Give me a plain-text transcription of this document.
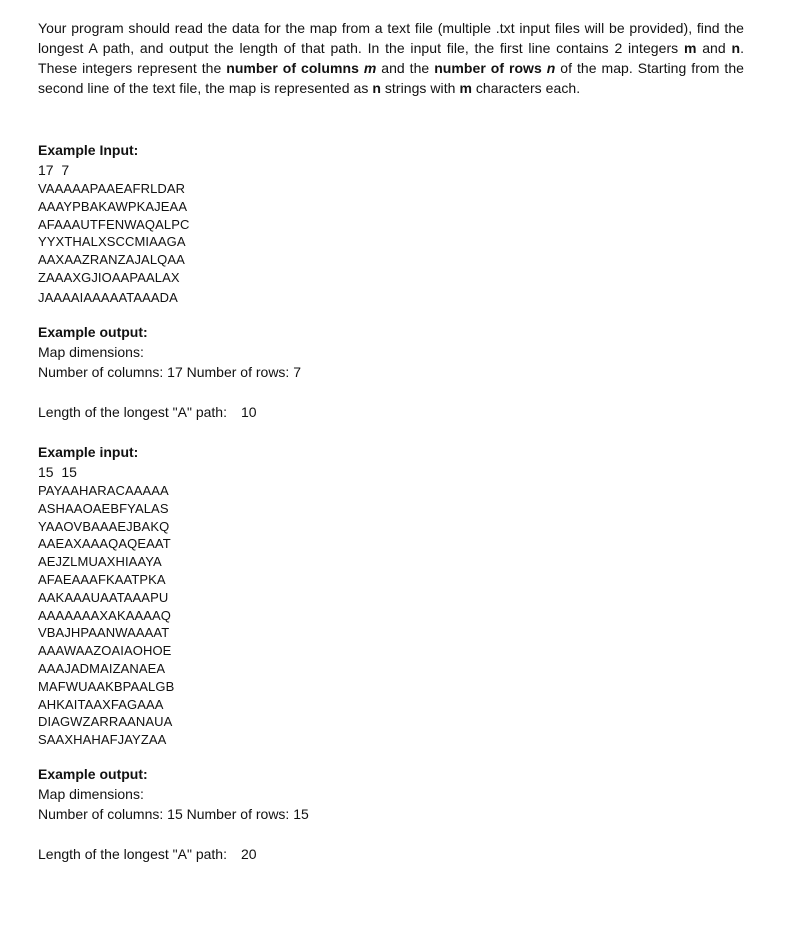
Your program should read the data for the map from a text file (multiple .txt input files will be provided), find the longest A path, and output the length of that path. In the input file, the first line contains 2 integers m and n. These integers represent the number of columns m and the number of rows n of the map. Starting from the second line of the text file, the map is represented as n strings with m characters each.

Example Input:
17  7
VAAAAAPAAEAFRLDAR
AAAYPBAKAWPKAJEAA
AFAAAUTFENWAQALPC
YYXTHALXSCCMIAAGA
AAXAAZRANZAJALQAA
ZAAAXGJIOAAPAALAX
JAAAAIAAAAATAAADA
Example output:
Map dimensions:
Number of columns: 17 Number of rows: 7
Length of the longest "A" path: 10
Example input:
15  15
PAYAAHARACAAAAA
ASHAAOAEBFYALAS
YAAOVBAAAEJBAKQ
AAEAXAAAQAQEAAT
AEJZLMUAXHIAAYA
AFAEAAAFKAATPKA
AAKAAAUAATAAAPU
AAAAAAAXAKAAAAQ
VBAJHPAANWAAAAT
AAAWAAZOAIAOHOE
AAAJADMAIZANAEA
MAFWUAAKBPAALGB
AHKAITAAXFAGAAA
DIAGWZARRAANAUA
SAAXHAHAFJAYZAA
Example output:
Map dimensions:
Number of columns: 15 Number of rows: 15
Length of the longest "A" path: 20
